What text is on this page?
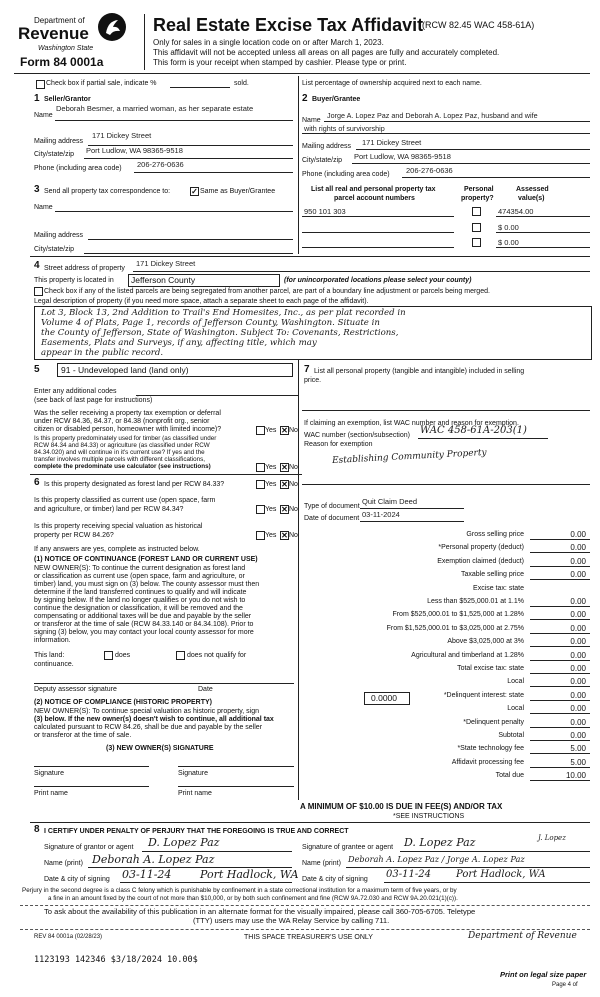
Department of
Revenue
Washington State
Form 84 0001a
Real Estate Excise Tax Affidavit
(RCW 82.45 WAC 458-61A)
Only for sales in a single location code on or after March 1, 2023.
This affidavit will not be accepted unless all areas on all pages are fully and accurately completed.
This form is your receipt when stamped by cashier. Please type or print.
Check box if partial sale, indicate %	sold.	List percentage of ownership acquired next to each name.
1 Seller/Grantor
Name
Deborah Besmer, a married woman, as her separate estate
Mailing address
171 Dickey Street
City/state/zip Port Ludlow, WA 98365-9518
Phone (including area code) 206-276-0636
2 Buyer/Grantee
Name
Jorge A. Lopez Paz and Deborah A. Lopez Paz, husband and wife
with rights of survivorship
Mailing address 171 Dickey Street
City/state/zip Port Ludlow, WA 98365-9518
Phone (including area code) 206-276-0636
3 Send all property tax correspondence to:	✓ Same as Buyer/Grantee
Name
Mailing address
City/state/zip
List all real and personal property tax
parcel account numbers
Personal
property?
Assessed
value(s)
950 101 303	474354.00
$ 0.00
$ 0.00
4 Street address of property
171 Dickey Street
This property is located in Jefferson County	(for unincorporated locations please select your county)
Check box if any of the listed parcels are being segregated from another parcel, are part of a boundary line adjustment or parcels being merged.
Legal description of property (if you need more space, attach a separate sheet to each page of the affidavit).
Lot 3, Block 13, 2nd Addition to Trail's End Homesites, Inc., as per plat recorded in
Volume 4 of Plats, Page 1, records of Jefferson County, Washington. Situate in
the County of Jefferson, State of Washington. Subject To: Covenants, Restrictions,
Easements, Plats and Surveys, if any, affecting title, which may
appear in the public record.
5	91 - Undeveloped land (land only)
Enter any additional codes
(see back of last page for instructions)
Was the seller receiving a property tax exemption or deferral
under RCW 84.36, 84.37, or 84.38 (nonprofit org., senior
citizen or disabled person, homeowner with limited income)?	Yes ✕ No
Is this property predominately used for timber (as classified under
RCW 84.34 and 84.33) or agriculture (as classified under RCW
84.34.020) and will continue in it's current use? If yes and the
transfer involves multiple parcels with different classifications,
complete the predominate use calculator (see instructions)	Yes ✕ No
6 Is this property designated as forest land per RCW 84.33?	Yes ✕ No
Is this property classified as current use (open space, farm
and agriculture, or timber) land per RCW 84.34?	Yes ✕ No
Is this property receiving special valuation as historical
property per RCW 84.26?	Yes ✕ No
If any answers are yes, complete as instructed below.
(1) NOTICE OF CONTINUANCE (FOREST LAND OR CURRENT USE)
NEW OWNER(S): To continue the current designation as forest land
or classification as current use (open space, farm and agriculture, or
timber) land, you must sign on (3) below. The county assessor must then
determine if the land transferred continues to qualify and will indicate
by signing below. If the land no longer qualifies or you do not wish to
continue the designation or classification, it will be removed and the
compensating or additional taxes will be due and payable by the seller
or transferor at the time of sale (RCW 84.33.140 or 84.34.108). Prior to
signing (3) below, you may contact your local county assessor for more
information.
This land:	does	does not qualify for
continuance.
Deputy assessor signature	Date
(2) NOTICE OF COMPLIANCE (HISTORIC PROPERTY)
NEW OWNER(S): To continue special valuation as historic property, sign
(3) below. If the new owner(s) doesn't wish to continue, all additional tax
calculated pursuant to RCW 84.26, shall be due and payable by the seller
or transferor at the time of sale.
(3) NEW OWNER(S) SIGNATURE
Signature	Signature
Print name	Print name
7 List all personal property (tangible and intangible) included in selling
price.
If claiming an exemption, list WAC number and reason for exemption.
WAC number (section/subsection) WAC 458-61A-203(1)
Reason for exemption
Establishing Community Property
Type of document
Quit Claim Deed
Date of document 03-11-2024
Gross selling price	0.00
*Personal property (deduct)	0.00
Exemption claimed (deduct)	0.00
Taxable selling price	0.00
Excise tax: state
Less than $525,000.01 at 1.1%	0.00
From $525,000.01 to $1,525,000 at 1.28%	0.00
From $1,525,000.01 to $3,025,000 at 2.75%	0.00
Above $3,025,000 at 3%	0.00
Agricultural and timberland at 1.28%	0.00
Total excise tax: state	0.00
Local	0.00
*Delinquent interest: state	0.00
Local	0.00
*Delinquent penalty	0.00
Subtotal	0.00
*State technology fee	5.00
Affidavit processing fee	5.00
Total due	10.00
0.0000
A MINIMUM OF $10.00 IS DUE IN FEE(S) AND/OR TAX
*SEE INSTRUCTIONS
8 I CERTIFY UNDER PENALTY OF PERJURY THAT THE FOREGOING IS TRUE AND CORRECT
Signature of grantor or agent D. Lopez Paz
Name (print) Deborah A. Lopez Paz
Date & city of signing 03-11-24	Port Hadlock, WA
Signature of grantee or agent D. Lopez Paz	J. Lopez
Name (print) Deborah A. Lopez Paz / Jorge A. Lopez Paz
Date & city of signing 03-11-24	Port Hadlock, WA
Perjury in the second degree is a class C felony which is punishable by confinement in a state correctional institution for a maximum term of five years, or by
a fine in an amount fixed by the court of not more than $10,000, or by both such confinement and fine (RCW 9A.72.030 and RCW 9A.20.021(1)(c)).
To ask about the availability of this publication in an alternate format for the visually impaired, please call 360-705-6705. Teletype
(TTY) users may use the WA Relay Service by calling 711.
REV 84 0001a (02/28/23)	THIS SPACE TREASURER'S USE ONLY	Department of Revenue
1123193 142346 $3/18/2024 10.00$
Print on legal size paper
Page 4 of
